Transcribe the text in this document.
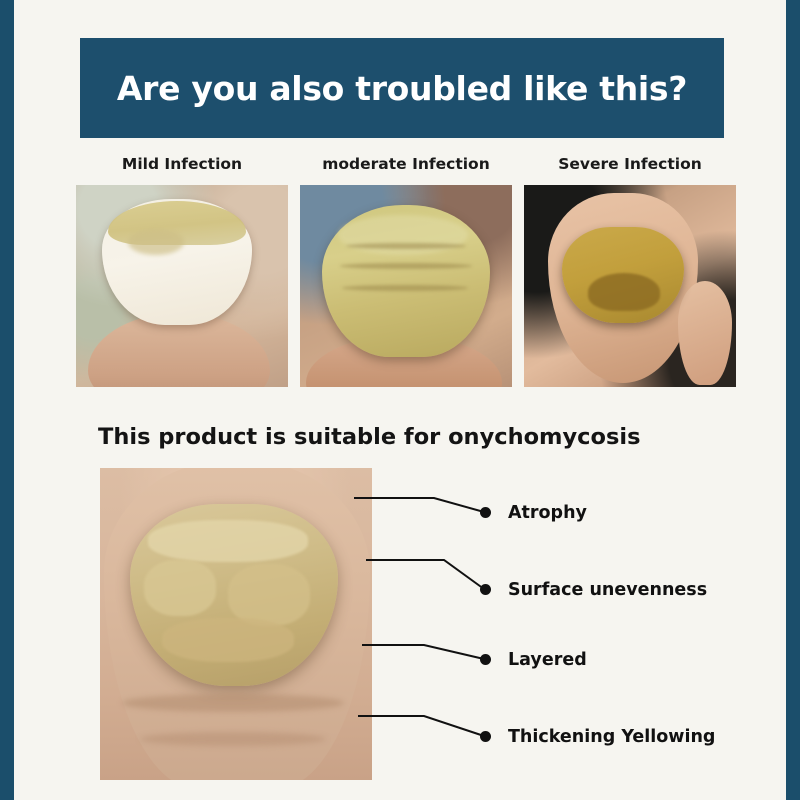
Are you also troubled like this?
Mild Infection	moderate Infection	Severe Infection
This product is suitable for onychomycosis
Atrophy
Surface unevenness
Layered
Thickening Yellowing
